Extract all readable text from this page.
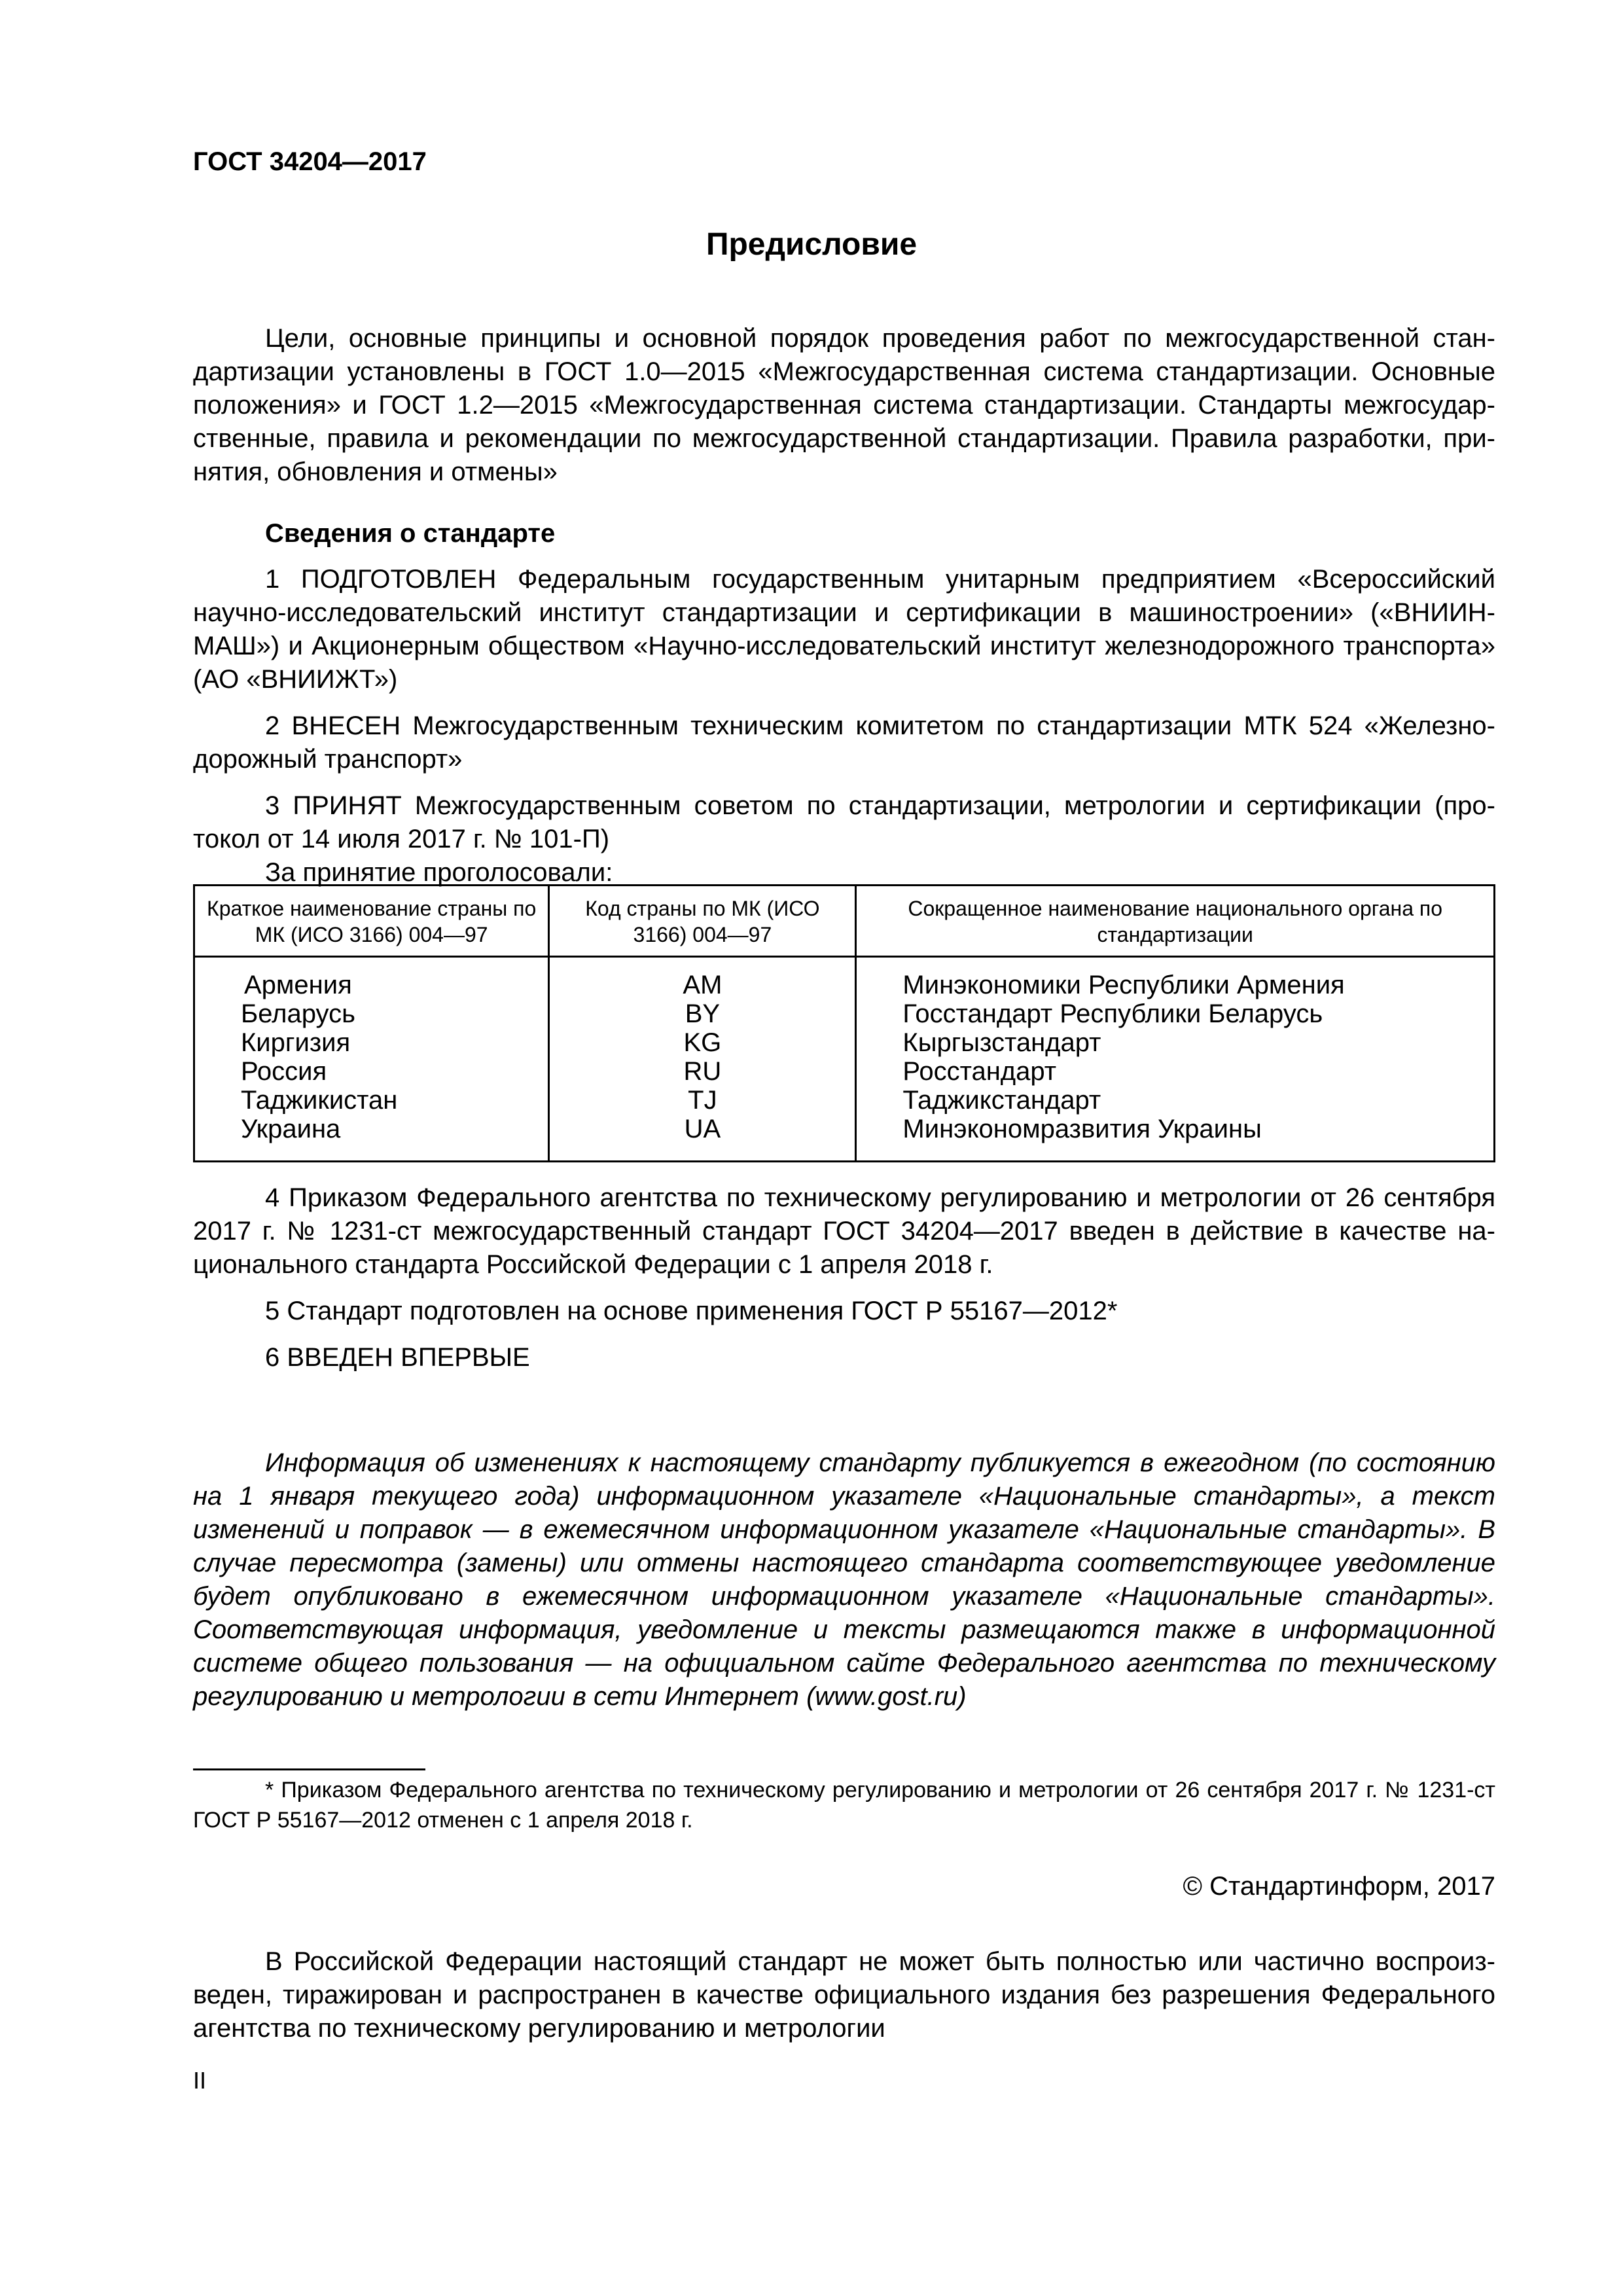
ГОСТ 34204—2017
Предисловие

Цели, основные принципы и основной порядок проведения работ по межгосударственной стандартизации установлены в ГОСТ 1.0—2015 «Межгосударственная система стандартизации. Основные положения» и ГОСТ 1.2—2015 «Межгосударственная система стандартизации. Стандарты межгосударственные, правила и рекомендации по межгосударственной стандартизации. Правила разработки, принятия, обновления и отмены»

Сведения о стандарте

1 ПОДГОТОВЛЕН Федеральным государственным унитарным предприятием «Всероссийский научно-исследовательский институт стандартизации и сертификации в машиностроении» («ВНИИНМАШ») и Акционерным обществом «Научно-исследовательский институт железнодорожного транспорта» (АО «ВНИИЖТ»)

2 ВНЕСЕН Межгосударственным техническим комитетом по стандартизации МТК 524 «Железнодорожный транспорт»

3 ПРИНЯТ Межгосударственным советом по стандартизации, метрологии и сертификации (протокол от 14 июля 2017 г. № 101-П)

За принятие проголосовали:

Краткое наименование страны по МК (ИСО 3166) 004—97	Код страны по МК (ИСО 3166) 004—97	Сокращенное наименование национального органа по стандартизации
Армения	AM	Минэкономики Республики Армения
Беларусь	BY	Госстандарт Республики Беларусь
Киргизия	KG	Кыргызстандарт
Россия	RU	Росстандарт
Таджикистан	TJ	Таджикстандарт
Украина	UA	Минэкономразвития Украины

4 Приказом Федерального агентства по техническому регулированию и метрологии от 26 сентября 2017 г. № 1231-ст межгосударственный стандарт ГОСТ 34204—2017 введен в действие в качестве национального стандарта Российской Федерации с 1 апреля 2018 г.

5 Стандарт подготовлен на основе применения ГОСТ Р 55167—2012*

6 ВВЕДЕН ВПЕРВЫЕ

Информация об изменениях к настоящему стандарту публикуется в ежегодном (по состоянию на 1 января текущего года) информационном указателе «Национальные стандарты», а текст изменений и поправок — в ежемесячном информационном указателе «Национальные стандарты». В случае пересмотра (замены) или отмены настоящего стандарта соответствующее уведомление будет опубликовано в ежемесячном информационном указателе «Национальные стандарты». Соответствующая информация, уведомление и тексты размещаются также в информационной системе общего пользования — на официальном сайте Федерального агентства по техническому регулированию и метрологии в сети Интернет (www.gost.ru)

* Приказом Федерального агентства по техническому регулированию и метрологии от 26 сентября 2017 г. № 1231-ст ГОСТ Р 55167—2012 отменен с 1 апреля 2018 г.

© Стандартинформ, 2017

В Российской Федерации настоящий стандарт не может быть полностью или частично воспроизведен, тиражирован и распространен в качестве официального издания без разрешения Федерального агентства по техническому регулированию и метрологии

II
